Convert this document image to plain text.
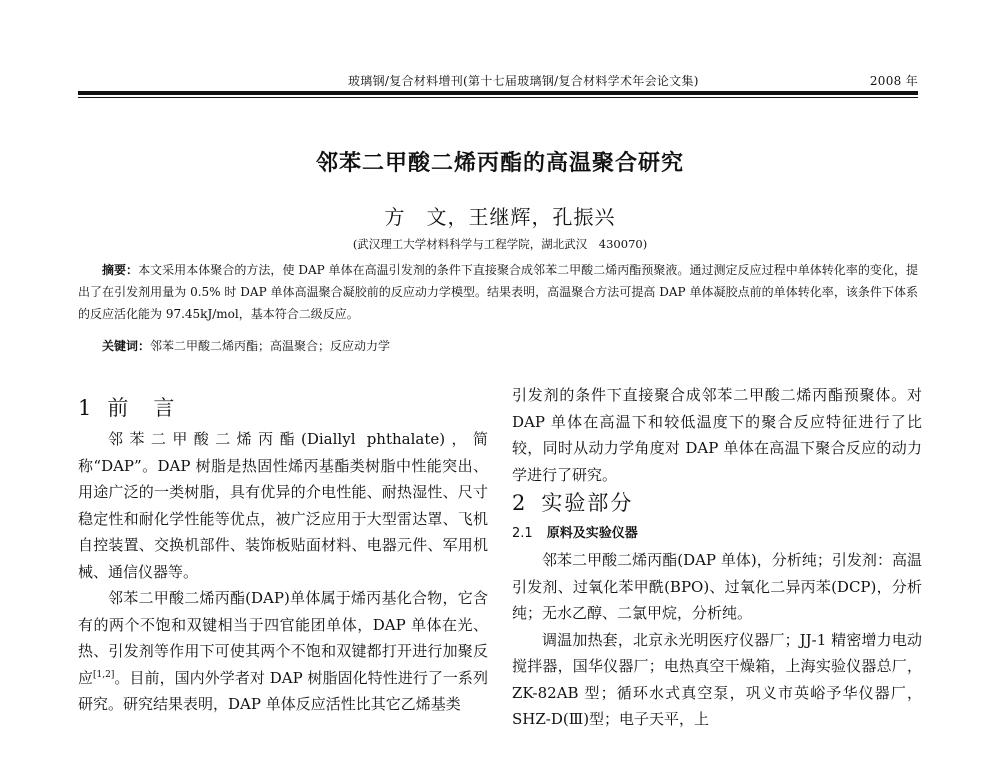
玻璃钢/复合材料增刊(第十七届玻璃钢/复合材料学术年会论文集)	2008 年
邻苯二甲酸二烯丙酯的高温聚合研究
方　文，王继辉，孔振兴
(武汉理工大学材料科学与工程学院，湖北武汉　430070)
摘要：本文采用本体聚合的方法，使 DAP 单体在高温引发剂的条件下直接聚合成邻苯二甲酸二烯丙酯预聚液。通过测定反应过程中单体转化率的变化，提出了在引发剂用量为 0.5% 时 DAP 单体高温聚合凝胶前的反应动力学模型。结果表明，高温聚合方法可提高 DAP 单体凝胶点前的单体转化率，该条件下体系的反应活化能为 97.45kJ/mol，基本符合二级反应。
关键词：邻苯二甲酸二烯丙酯；高温聚合；反应动力学
1 前　言

邻苯二甲酸二烯丙酯(Diallyl phthalate)，简称“DAP”。DAP 树脂是热固性烯丙基酯类树脂中性能突出、用途广泛的一类树脂，具有优异的介电性能、耐热湿性、尺寸稳定性和耐化学性能等优点，被广泛应用于大型雷达罩、飞机自控装置、交换机部件、装饰板贴面材料、电器元件、军用机械、通信仪器等。

邻苯二甲酸二烯丙酯(DAP)单体属于烯丙基化合物，它含有的两个不饱和双键相当于四官能团单体，DAP 单体在光、热、引发剂等作用下可使其两个不饱和双键都打开进行加聚反应[1,2]。目前，国内外学者对 DAP 树脂固化特性进行了一系列研究。研究结果表明，DAP 单体反应活性比其它乙烯基类

引发剂的条件下直接聚合成邻苯二甲酸二烯丙酯预聚体。对 DAP 单体在高温下和较低温度下的聚合反应特征进行了比较，同时从动力学角度对 DAP 单体在高温下聚合反应的动力学进行了研究。

2 实验部分
2.1 原料及实验仪器

邻苯二甲酸二烯丙酯(DAP 单体)，分析纯；引发剂：高温引发剂、过氧化苯甲酰(BPO)、过氧化二异丙苯(DCP)，分析纯；无水乙醇、二氯甲烷，分析纯。

调温加热套，北京永光明医疗仪器厂；JJ-1 精密增力电动搅拌器，国华仪器厂；电热真空干燥箱，上海实验仪器总厂，ZK-82AB 型；循环水式真空泵，巩义市英峪予华仪器厂，SHZ-D(Ⅲ)型；电子天平，上
